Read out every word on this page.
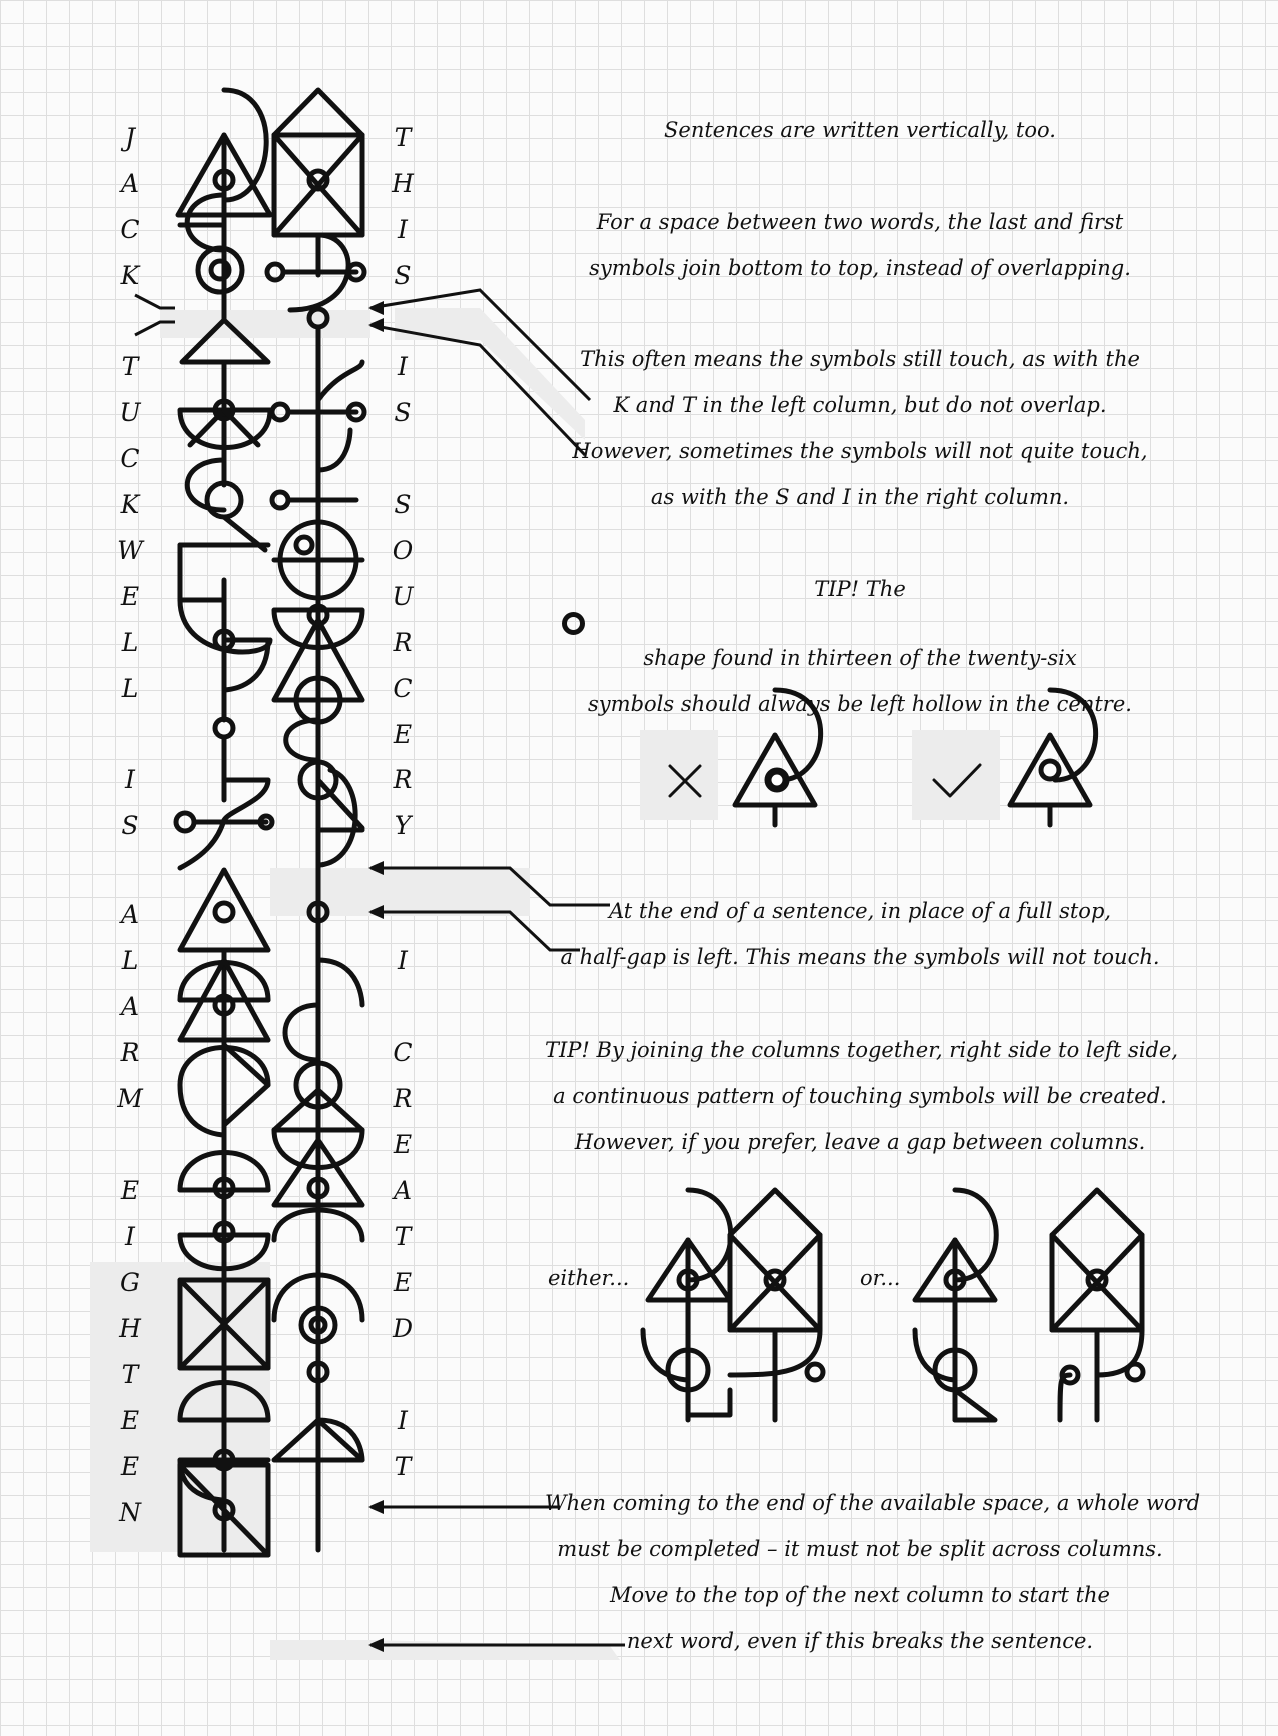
J
A
C
K
T
U
C
K
W
E
L
L
I
S
A
L
A
R
M
E
I
G
H
T
E
E
N
T
H
I
S
I
S
S
O
U
R
C
E
R
Y
I
C
R
E
A
T
E
D
I
T
Sentences are written vertically, too.
For a space between two words, the last and first
symbols join bottom to top, instead of overlapping.
This often means the symbols still touch, as with the
K and T in the left column, but do not overlap.
However, sometimes the symbols will not quite touch,
as with the S and I in the right column.
TIP! The
shape found in thirteen of the twenty-six
symbols should always be left hollow in the centre.
At the end of a sentence, in place of a full stop,
a half-gap is left. This means the symbols will not touch.
TIP! By joining the columns together, right side to left side,
a continuous pattern of touching symbols will be created.
However, if you prefer, leave a gap between columns.
When coming to the end of the available space, a whole word
must be completed – it must not be split across columns.
Move to the top of the next column to start the
next word, even if this breaks the sentence.
either...	or...
